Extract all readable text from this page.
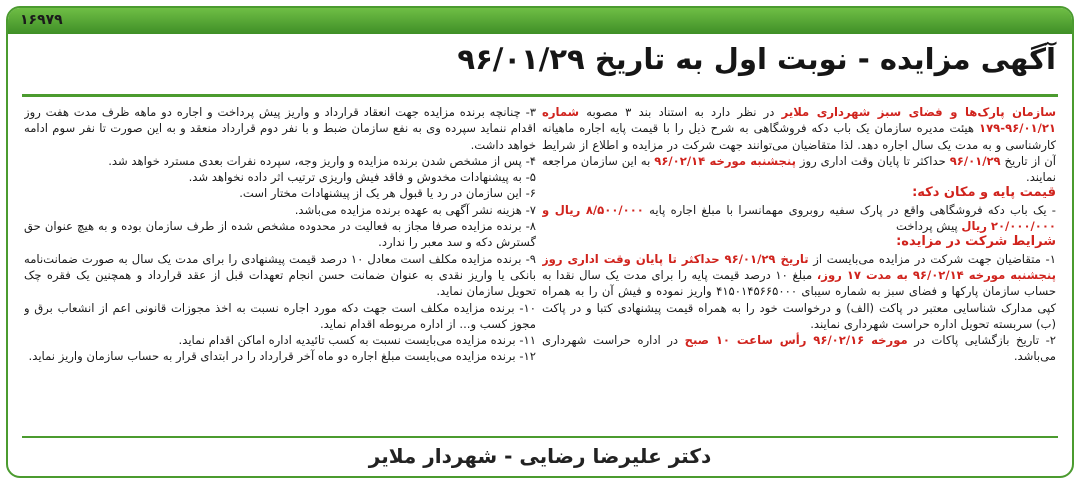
۱۶۹۷۹
آگهی مزایده - نوبت اول به تاریخ ۹۶/۰۱/۲۹

سازمان پارک‌ها و فضای سبز شهرداری ملایر در نظر دارد به استناد بند ۳ مصوبه شماره ۹۶/۰۱/۲۱-۱۷۹ هیئت مدیره سازمان یک باب دکه فروشگاهی به شرح ذیل را با قیمت پایه اجاره ماهیانه کارشناسی و به مدت یک سال اجاره دهد. لذا متقاضیان می‌توانند جهت شرکت در مزایده و اطلاع از شرایط آن از تاریخ ۹۶/۰۱/۲۹ حداکثر تا پایان وقت اداری روز پنجشنبه مورخه ۹۶/۰۲/۱۴ به این سازمان مراجعه نمایند.

قیمت پایه و مکان دکه:

- یک باب دکه فروشگاهی واقع در پارک سفیه روبروی مهمانسرا با مبلغ اجاره پایه ۸/۵۰۰/۰۰۰ ریال و ۲۰/۰۰۰/۰۰۰ ریال پیش پرداخت

شرایط شرکت در مزایده:

۱- متقاضیان جهت شرکت در مزایده می‌بایست از تاریخ ۹۶/۰۱/۲۹ حداکثر تا پایان وقت اداری روز پنجشنبه مورخه ۹۶/۰۲/۱۴ به مدت ۱۷ روز، مبلغ ۱۰ درصد قیمت پایه را برای مدت یک سال نقدا به حساب سازمان پارکها و فضای سبز به شماره سیبای ۴۱۵۰۱۴۵۶۶۵۰۰۰ واریز نموده و فیش آن را به همراه کپی مدارک شناسایی معتبر در پاکت (الف) و درخواست خود را به همراه قیمت پیشنهادی کتبا و در پاکت (ب) سربسته تحویل اداره حراست شهرداری نمایند.

۲- تاریخ بازگشایی پاکات در مورخه ۹۶/۰۲/۱۶ رأس ساعت ۱۰ صبح در اداره حراست شهرداری می‌باشد.

۳- چنانچه برنده مزایده جهت انعقاد قرارداد و واریز پیش پرداخت و اجاره دو ماهه ظرف مدت هفت روز اقدام ننماید سپرده وی به نفع سازمان ضبط و با نفر دوم قرارداد منعقد و به این صورت تا نفر سوم ادامه خواهد داشت.

۴- پس از مشخص شدن برنده مزایده و واریز وجه، سپرده نفرات بعدی مسترد خواهد شد.

۵- به پیشنهادات مخدوش و فاقد فیش واریزی ترتیب اثر داده نخواهد شد.

۶- این سازمان در رد یا قبول هر یک از پیشنهادات مختار است.

۷- هزینه نشر آگهی به عهده برنده مزایده می‌باشد.

۸- برنده مزایده صرفا مجاز به فعالیت در محدوده مشخص شده از طرف سازمان بوده و به هیچ عنوان حق گسترش دکه و سد معبر را ندارد.

۹- برنده مزایده مکلف است معادل ۱۰ درصد قیمت پیشنهادی را برای مدت یک سال به صورت ضمانت‌نامه بانکی یا واریز نقدی به عنوان ضمانت حسن انجام تعهدات قبل از عقد قرارداد و همچنین یک فقره چک تحویل سازمان نماید.

۱۰- برنده مزایده مکلف است جهت دکه مورد اجاره نسبت به اخذ مجوزات قانونی اعم از انشعاب برق و مجوز کسب و... از اداره مربوطه اقدام نماید.

۱۱- برنده مزایده می‌بایست نسبت به کسب تائیدیه اداره اماکن اقدام نماید.

۱۲- برنده مزایده می‌بایست مبلغ اجاره دو ماه آخر قرارداد را در ابتدای قرار به حساب سازمان واریز نماید.

دکتر علیرضا رضایی - شهردار ملایر
